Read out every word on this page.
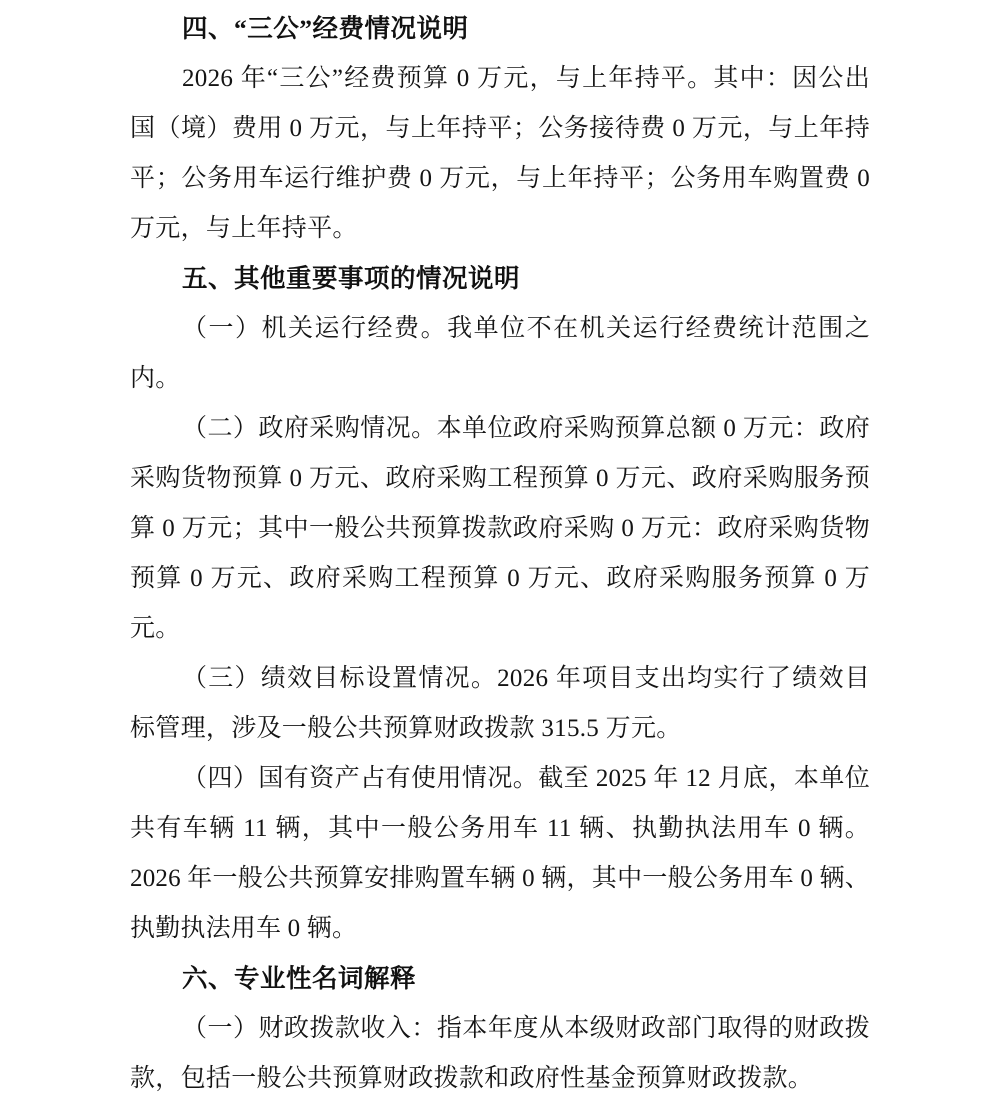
四、“三公”经费情况说明

2026 年“三公”经费预算 0 万元，与上年持平。其中：因公出国（境）费用 0 万元，与上年持平；公务接待费 0 万元，与上年持平；公务用车运行维护费 0 万元，与上年持平；公务用车购置费 0 万元，与上年持平。

五、其他重要事项的情况说明

（一）机关运行经费。我单位不在机关运行经费统计范围之内。

（二）政府采购情况。本单位政府采购预算总额 0 万元：政府采购货物预算 0 万元、政府采购工程预算 0 万元、政府采购服务预算 0 万元；其中一般公共预算拨款政府采购 0 万元：政府采购货物预算 0 万元、政府采购工程预算 0 万元、政府采购服务预算 0 万元。

（三）绩效目标设置情况。2026 年项目支出均实行了绩效目标管理，涉及一般公共预算财政拨款 315.5 万元。

（四）国有资产占有使用情况。截至 2025 年 12 月底，本单位共有车辆 11 辆，其中一般公务用车 11 辆、执勤执法用车 0 辆。2026 年一般公共预算安排购置车辆 0 辆，其中一般公务用车 0 辆、执勤执法用车 0 辆。

六、专业性名词解释

（一）财政拨款收入：指本年度从本级财政部门取得的财政拨款，包括一般公共预算财政拨款和政府性基金预算财政拨款。
